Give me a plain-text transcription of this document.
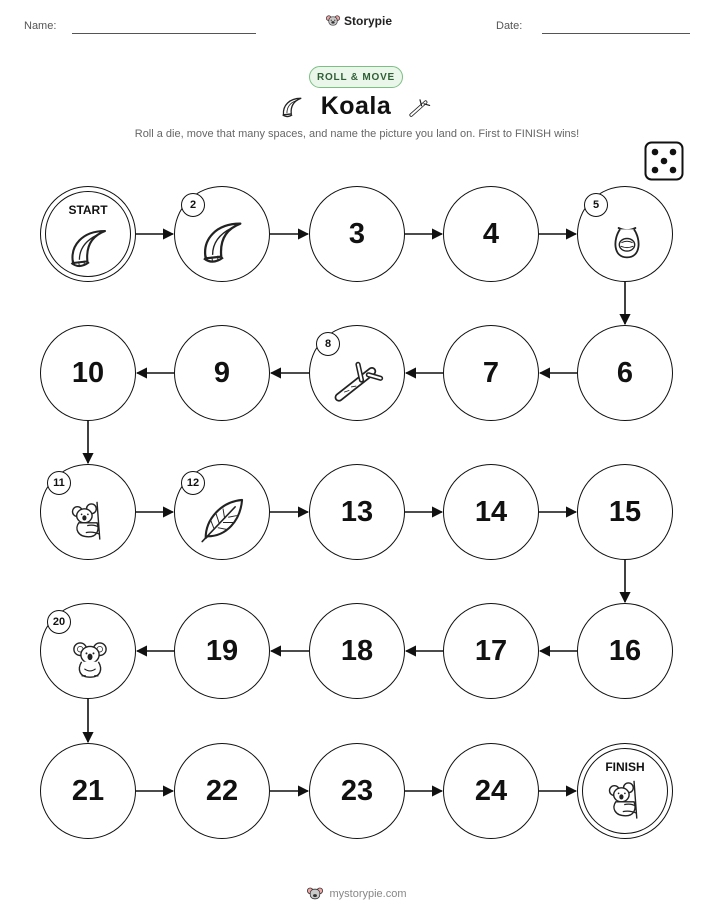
Name:	Storypie	Date:
ROLL & MOVE
Koala
Roll a die, move that many spaces, and name the picture you land on. First to FINISH wins!
START	2
3	4
5
6
7
8
9
10
11	12
13	14	15
16
17
18
19
20
21	22	23	24
FINISH
mystorypie.com
